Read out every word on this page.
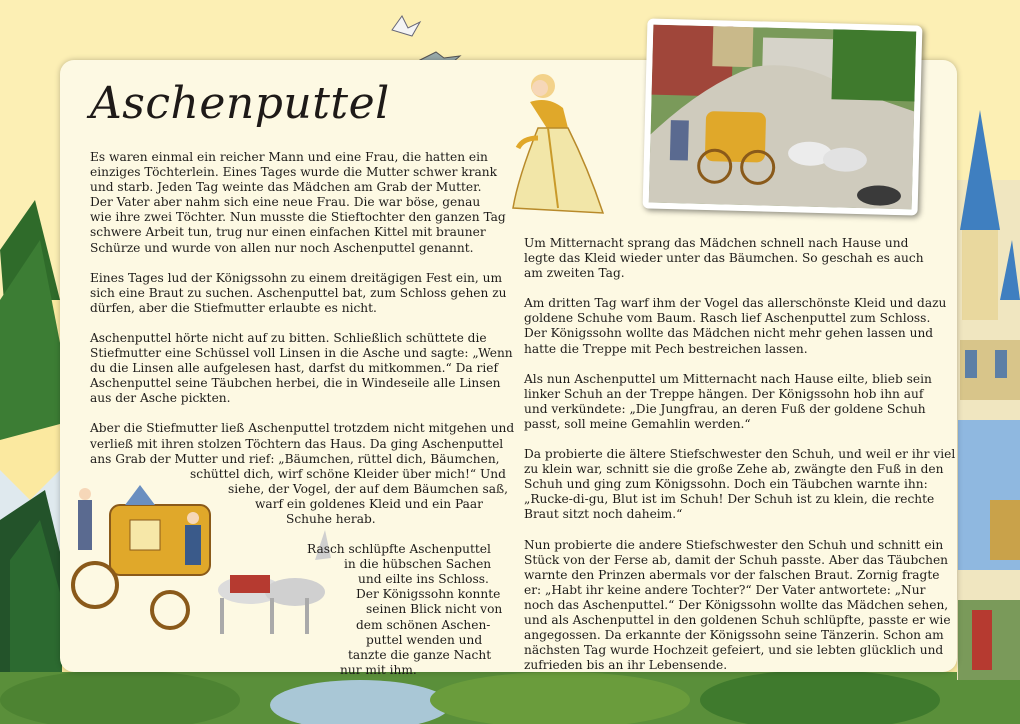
Aschenputtel

Es waren einmal ein reicher Mann und eine Frau, die hatten ein
einziges Töchterlein. Eines Tages wurde die Mutter schwer krank
und starb. Jeden Tag weinte das Mädchen am Grab der Mutter.
Der Vater aber nahm sich eine neue Frau. Die war böse, genau
wie ihre zwei Töchter. Nun musste die Stieftochter den ganzen Tag
schwere Arbeit tun, trug nur einen einfachen Kittel mit brauner
Schürze und wurde von allen nur noch Aschenputtel genannt.

Eines Tages lud der Königssohn zu einem dreitägigen Fest ein, um
sich eine Braut zu suchen. Aschenputtel bat, zum Schloss gehen zu
dürfen, aber die Stiefmutter erlaubte es nicht.

Aschenputtel hörte nicht auf zu bitten. Schließlich schüttete die
Stiefmutter eine Schüssel voll Linsen in die Asche und sagte: „Wenn
du die Linsen alle aufgelesen hast, darfst du mitkommen.“ Da rief
Aschenputtel seine Täubchen herbei, die in Windeseile alle Linsen
aus der Asche pickten.

Aber die Stiefmutter ließ Aschenputtel trotzdem nicht mitgehen und
verließ mit ihren stolzen Töchtern das Haus. Da ging Aschenputtel
ans Grab der Mutter und rief: „Bäumchen, rüttel dich, Bäumchen,
schüttel dich, wirf schöne Kleider über mich!“ Und
siehe, der Vogel, der auf dem Bäumchen saß,
warf ein goldenes Kleid und ein Paar
Schuhe herab.

Rasch schlüpfte Aschenputtel
in die hübschen Sachen
und eilte ins Schloss.
Der Königssohn konnte
seinen Blick nicht von
dem schönen Aschen-
puttel wenden und
tanzte die ganze Nacht
nur mit ihm.

Um Mitternacht sprang das Mädchen schnell nach Hause und
legte das Kleid wieder unter das Bäumchen. So geschah es auch
am zweiten Tag.

Am dritten Tag warf ihm der Vogel das allerschönste Kleid und dazu
goldene Schuhe vom Baum. Rasch lief Aschenputtel zum Schloss.
Der Königssohn wollte das Mädchen nicht mehr gehen lassen und
hatte die Treppe mit Pech bestreichen lassen.

Als nun Aschenputtel um Mitternacht nach Hause eilte, blieb sein
linker Schuh an der Treppe hängen. Der Königssohn hob ihn auf
und verkündete: „Die Jungfrau, an deren Fuß der goldene Schuh
passt, soll meine Gemahlin werden.“

Da probierte die ältere Stiefschwester den Schuh, und weil er ihr viel
zu klein war, schnitt sie die große Zehe ab, zwängte den Fuß in den
Schuh und ging zum Königssohn. Doch ein Täubchen warnte ihn:
„Rucke-di-gu, Blut ist im Schuh! Der Schuh ist zu klein, die rechte
Braut sitzt noch daheim.“

Nun probierte die andere Stiefschwester den Schuh und schnitt ein
Stück von der Ferse ab, damit der Schuh passte. Aber das Täubchen
warnte den Prinzen abermals vor der falschen Braut. Zornig fragte
er: „Habt ihr keine andere Tochter?“ Der Vater antwortete: „Nur
noch das Aschenputtel.“ Der Königssohn wollte das Mädchen sehen,
und als Aschenputtel in den goldenen Schuh schlüpfte, passte er wie
angegossen. Da erkannte der Königssohn seine Tänzerin. Schon am
nächsten Tag wurde Hochzeit gefeiert, und sie lebten glücklich und
zufrieden bis an ihr Lebensende.
